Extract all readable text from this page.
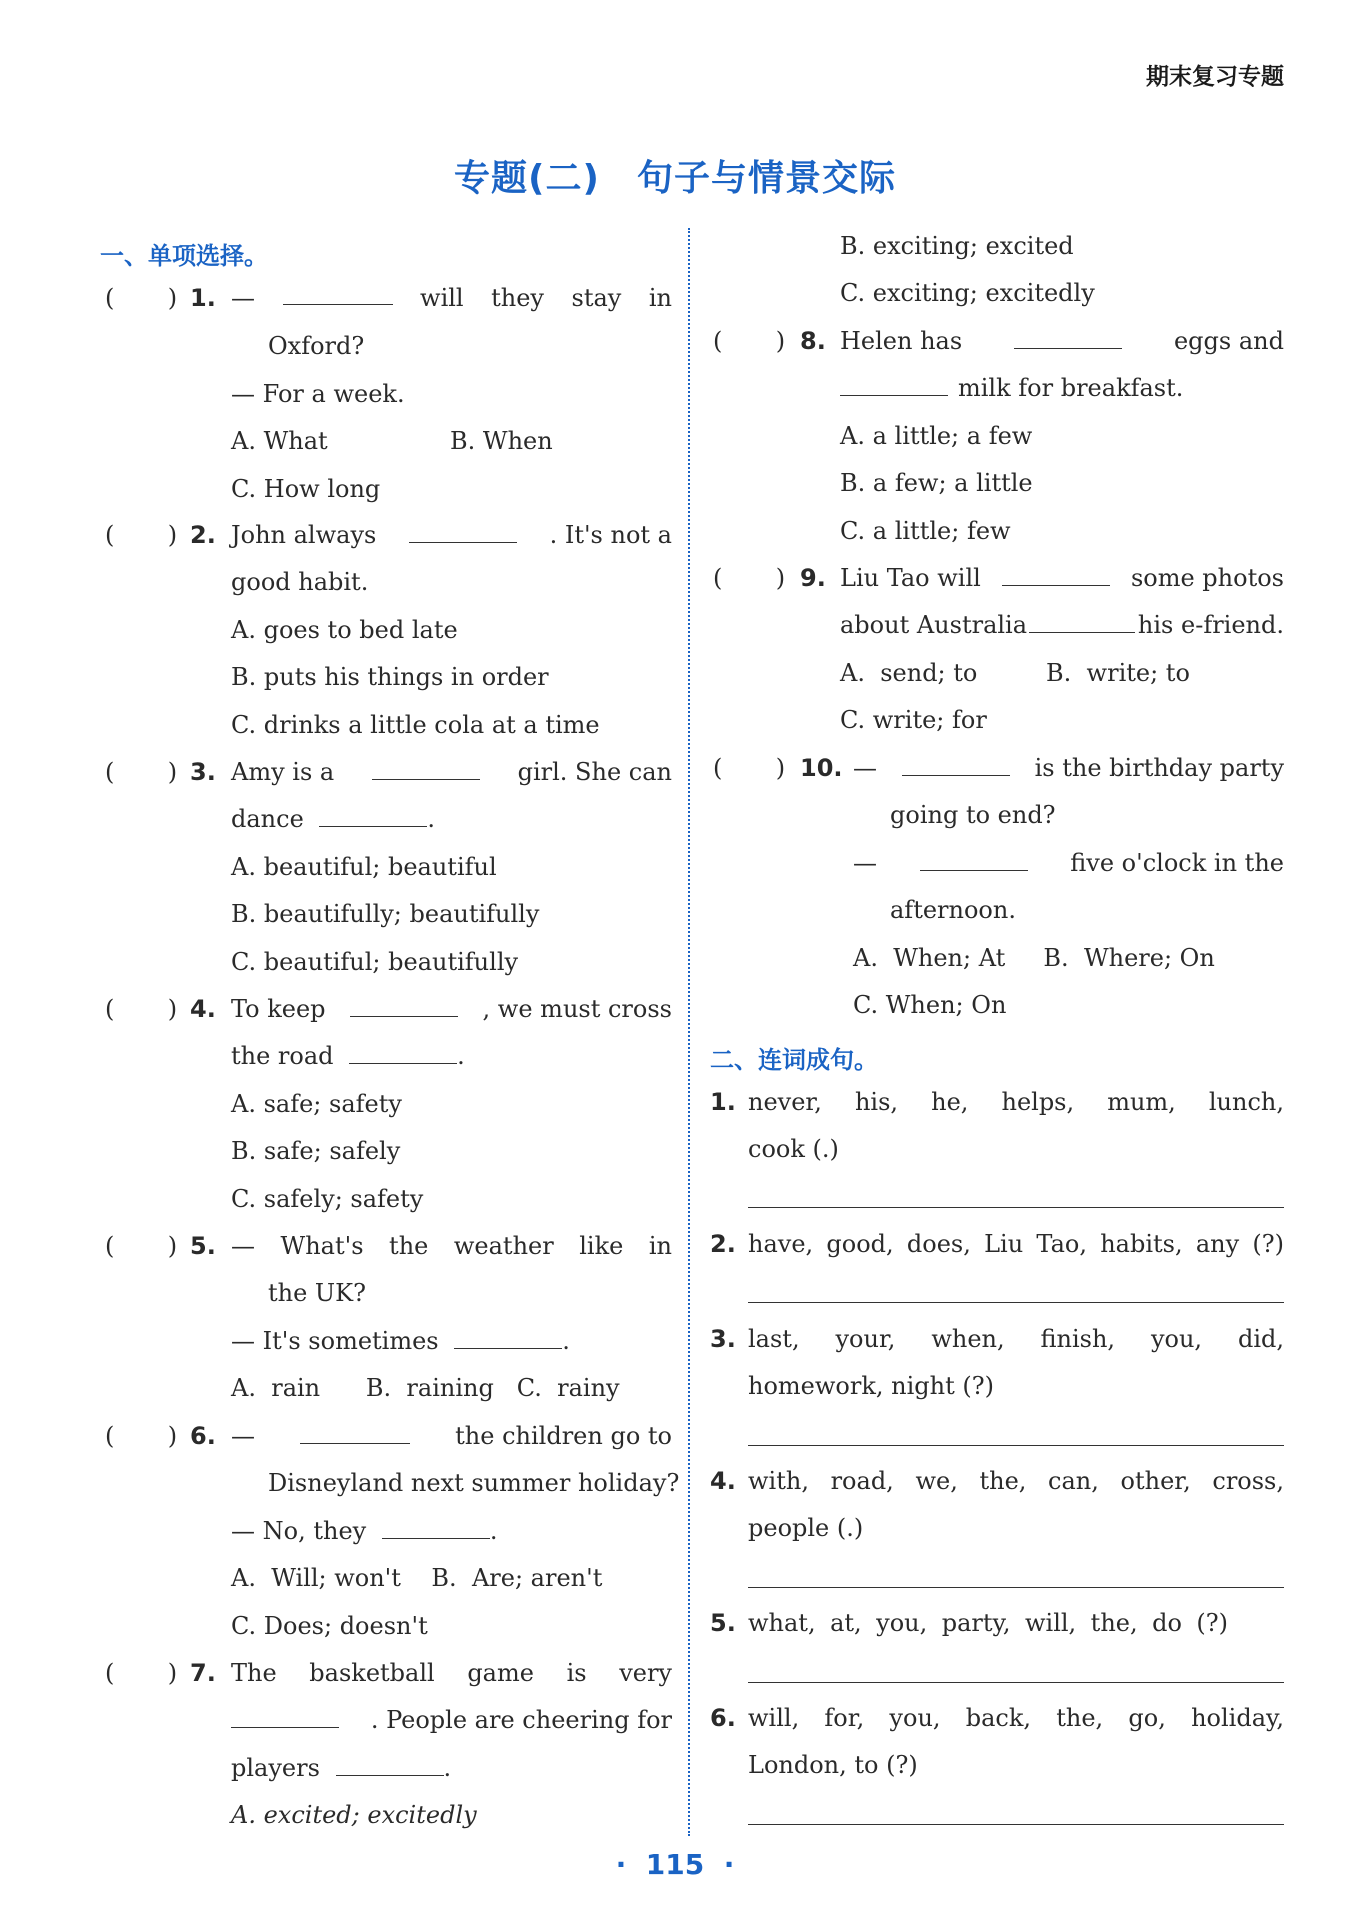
期末复习专题
专题(二)　句子与情景交际
一、单项选择。
(       ) 1. —	will they stay in
Oxford?
— For a week.
A. What	B. When
C. How long
(       ) 2. John always	. It's not a
good habit.
A. goes to bed late
B. puts his things in order
C. drinks a little cola at a time
(       ) 3. Amy is a	girl. She can
dance	.
A. beautiful; beautiful
B. beautifully; beautifully
C. beautiful; beautifully
(       ) 4. To keep	, we must cross
the road	.
A. safe; safety
B. safe; safely
C. safely; safety
(       ) 5. — What's the weather like in
the UK?
— It's sometimes	.
A.  rain      B.  raining   C.  rainy
(       ) 6. —	the children go to
Disneyland next summer holiday?
— No, they	.
A.  Will; won't    B.  Are; aren't
C. Does; doesn't
(       ) 7. The basketball game is very
. People are cheering for
players	.
A. excited; excitedly
B. exciting; excited
C. exciting; excitedly
(       ) 8. Helen has	eggs and
milk for breakfast.
A. a little; a few
B. a few; a little
C. a little; few
(       ) 9. Liu Tao will	some photos
about Australia	his e-friend.
A.  send; to         B.  write; to
C. write; for
(       ) 10. —	is the birthday party
going to end?
—	five o'clock in the
afternoon.
A.  When; At     B.  Where; On
C. When; On
二、连词成句。
1. never, his, he, helps, mum, lunch,
cook (.)
2. have, good, does, Liu Tao, habits, any (?)
3. last, your, when, finish, you, did,
homework, night (?)
4. with, road, we, the, can, other, cross,
people (.)
5. what, at, you, party, will, the, do (?)
6. will, for, you, back, the, go, holiday,
London, to (?)
·  115  ·
